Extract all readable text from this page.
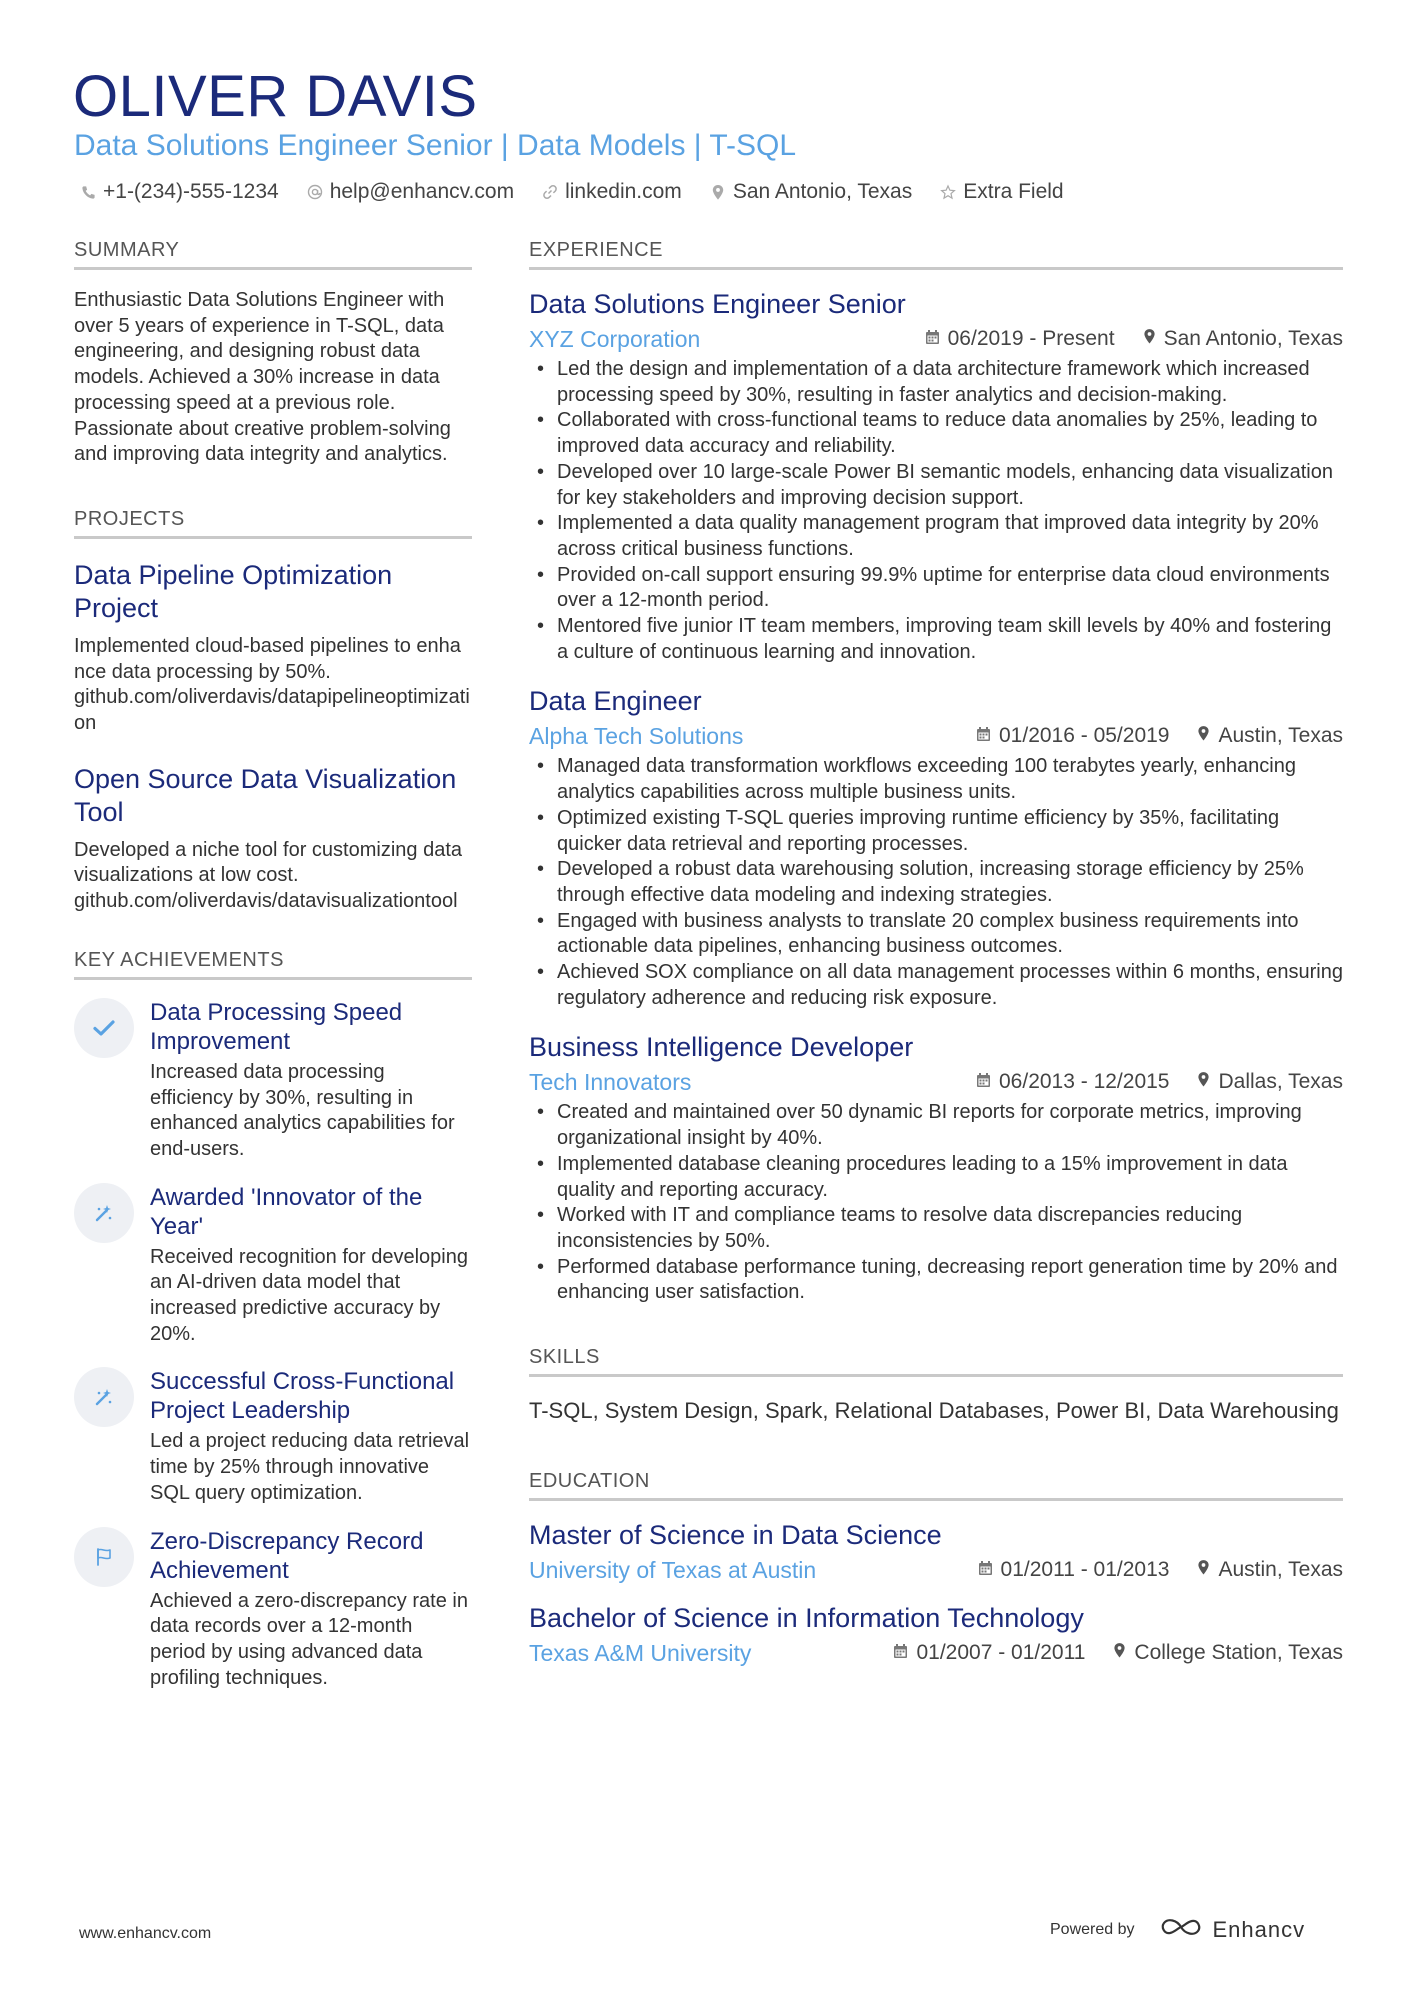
OLIVER DAVIS
Data Solutions Engineer Senior | Data Models | T-SQL
+1-(234)-555-1234 help@enhancv.com linkedin.com San Antonio, Texas Extra Field
SUMMARY

Enthusiastic Data Solutions Engineer with over 5 years of experience in T-SQL, data engineering, and designing robust data models. Achieved a 30% increase in data processing speed at a previous role. Passionate about creative problem-solving and improving data integrity and analytics.

PROJECTS
Data Pipeline Optimization Project

Implemented cloud-based pipelines to enhance data processing by 50%.
github.com/oliverdavis/datapipelineoptimization

Open Source Data Visualization Tool

Developed a niche tool for customizing data visualizations at low cost.
github.com/oliverdavis/datavisualizationtool

KEY ACHIEVEMENTS
Data Processing Speed Improvement

Increased data processing efficiency by 30%, resulting in enhanced analytics capabilities for end-users.

Awarded 'Innovator of the Year'

Received recognition for developing an AI-driven data model that increased predictive accuracy by 20%.

Successful Cross-Functional Project Leadership

Led a project reducing data retrieval time by 25% through innovative SQL query optimization.

Zero-Discrepancy Record Achievement

Achieved a zero-discrepancy rate in data records over a 12-month period by using advanced data profiling techniques.

EXPERIENCE
Data Solutions Engineer Senior
XYZ Corporation	06/2019 - Present San Antonio, Texas
• Led the design and implementation of a data architecture framework which increased processing speed by 30%, resulting in faster analytics and decision-making.
• Collaborated with cross-functional teams to reduce data anomalies by 25%, leading to improved data accuracy and reliability.
• Developed over 10 large-scale Power BI semantic models, enhancing data visualization for key stakeholders and improving decision support.
• Implemented a data quality management program that improved data integrity by 20% across critical business functions.
• Provided on-call support ensuring 99.9% uptime for enterprise data cloud environments over a 12-month period.
• Mentored five junior IT team members, improving team skill levels by 40% and fostering a culture of continuous learning and innovation.
Data Engineer
Alpha Tech Solutions	01/2016 - 05/2019 Austin, Texas
• Managed data transformation workflows exceeding 100 terabytes yearly, enhancing analytics capabilities across multiple business units.
• Optimized existing T-SQL queries improving runtime efficiency by 35%, facilitating quicker data retrieval and reporting processes.
• Developed a robust data warehousing solution, increasing storage efficiency by 25% through effective data modeling and indexing strategies.
• Engaged with business analysts to translate 20 complex business requirements into actionable data pipelines, enhancing business outcomes.
• Achieved SOX compliance on all data management processes within 6 months, ensuring regulatory adherence and reducing risk exposure.
Business Intelligence Developer
Tech Innovators	06/2013 - 12/2015 Dallas, Texas
• Created and maintained over 50 dynamic BI reports for corporate metrics, improving organizational insight by 40%.
• Implemented database cleaning procedures leading to a 15% improvement in data quality and reporting accuracy.
• Worked with IT and compliance teams to resolve data discrepancies reducing inconsistencies by 50%.
• Performed database performance tuning, decreasing report generation time by 20% and enhancing user satisfaction.
SKILLS

T-SQL, System Design, Spark, Relational Databases, Power BI, Data Warehousing

EDUCATION
Master of Science in Data Science
University of Texas at Austin	01/2011 - 01/2013 Austin, Texas
Bachelor of Science in Information Technology
Texas A&M University	01/2007 - 01/2011 College Station, Texas
www.enhancv.com	Powered by	Enhancv
